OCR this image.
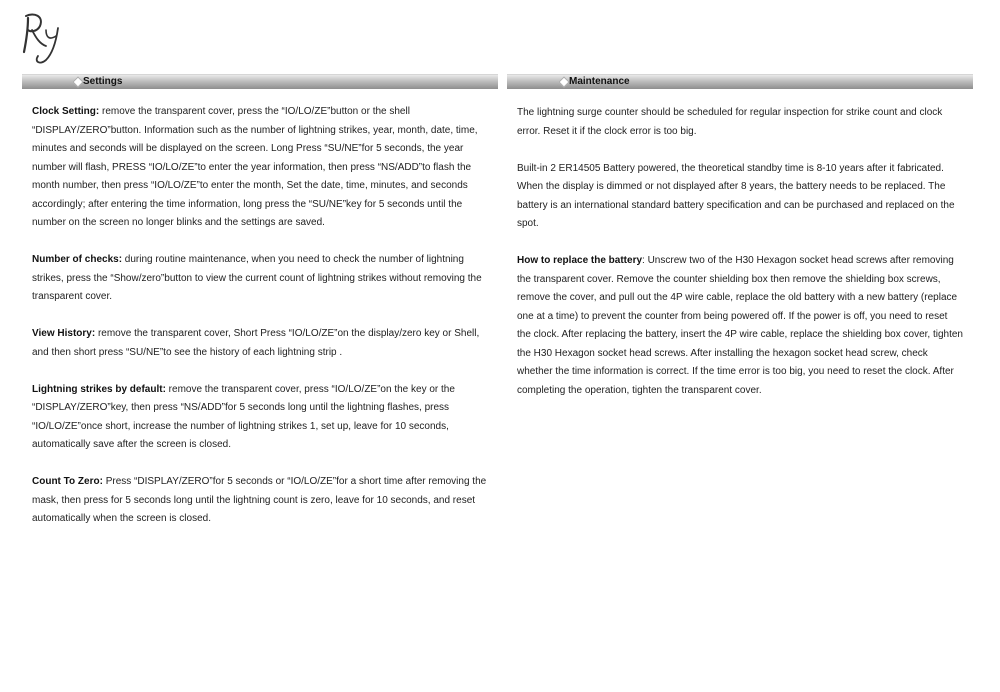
Settings

Clock Setting: remove the transparent cover, press the “IO/LO/ZE”button or the shell “DISPLAY/ZERO”button. Information such as the number of lightning strikes, year, month, date, time, minutes and seconds will be displayed on the screen. Long Press “SU/NE”for 5 seconds, the year number will flash, PRESS “IO/LO/ZE”to enter the year information, then press “NS/ADD”to flash the month number, then press “IO/LO/ZE”to enter the month, Set the date, time, minutes, and seconds accordingly; after entering the time information, long press the “SU/NE”key for 5 seconds until the number on the screen no longer blinks and the settings are saved.

Number of checks: during routine maintenance, when you need to check the number of lightning strikes, press the “Show/zero”button to view the current count of lightning strikes without removing the transparent cover.

View History: remove the transparent cover, Short Press “IO/LO/ZE”on the display/zero key or Shell, and then short press “SU/NE”to see the history of each lightning strip .

Lightning strikes by default: remove the transparent cover, press “IO/LO/ZE”on the key or the “DISPLAY/ZERO”key, then press “NS/ADD”for 5 seconds long until the lightning flashes, press “IO/LO/ZE”once short, increase the number of lightning strikes 1, set up, leave for 10 seconds, automatically save after the screen is closed.

Count To Zero: Press “DISPLAY/ZERO”for 5 seconds or “IO/LO/ZE”for a short time after removing the mask, then press for 5 seconds long until the lightning count is zero, leave for 10 seconds, and reset automatically when the screen is closed.

Maintenance

The lightning surge counter should be scheduled for regular inspection for strike count and clock error. Reset it if the clock error is too big.

Built-in 2 ER14505 Battery powered, the theoretical standby time is 8-10 years after it fabricated. When the display is dimmed or not displayed after 8 years, the battery needs to be replaced. The battery is an international standard battery specification and can be purchased and replaced on the spot.

How to replace the battery: Unscrew two of the H30 Hexagon socket head screws after removing the transparent cover. Remove the counter shielding box then remove the shielding box screws, remove the cover, and pull out the 4P wire cable, replace the old battery with a new battery (replace one at a time) to prevent the counter from being powered off. If the power is off, you need to reset the clock. After replacing the battery, insert the 4P wire cable, replace the shielding box cover, tighten the H30 Hexagon socket head screws. After installing the hexagon socket head screw, check whether the time information is correct. If the time error is too big, you need to reset the clock. After completing the operation, tighten the transparent cover.
